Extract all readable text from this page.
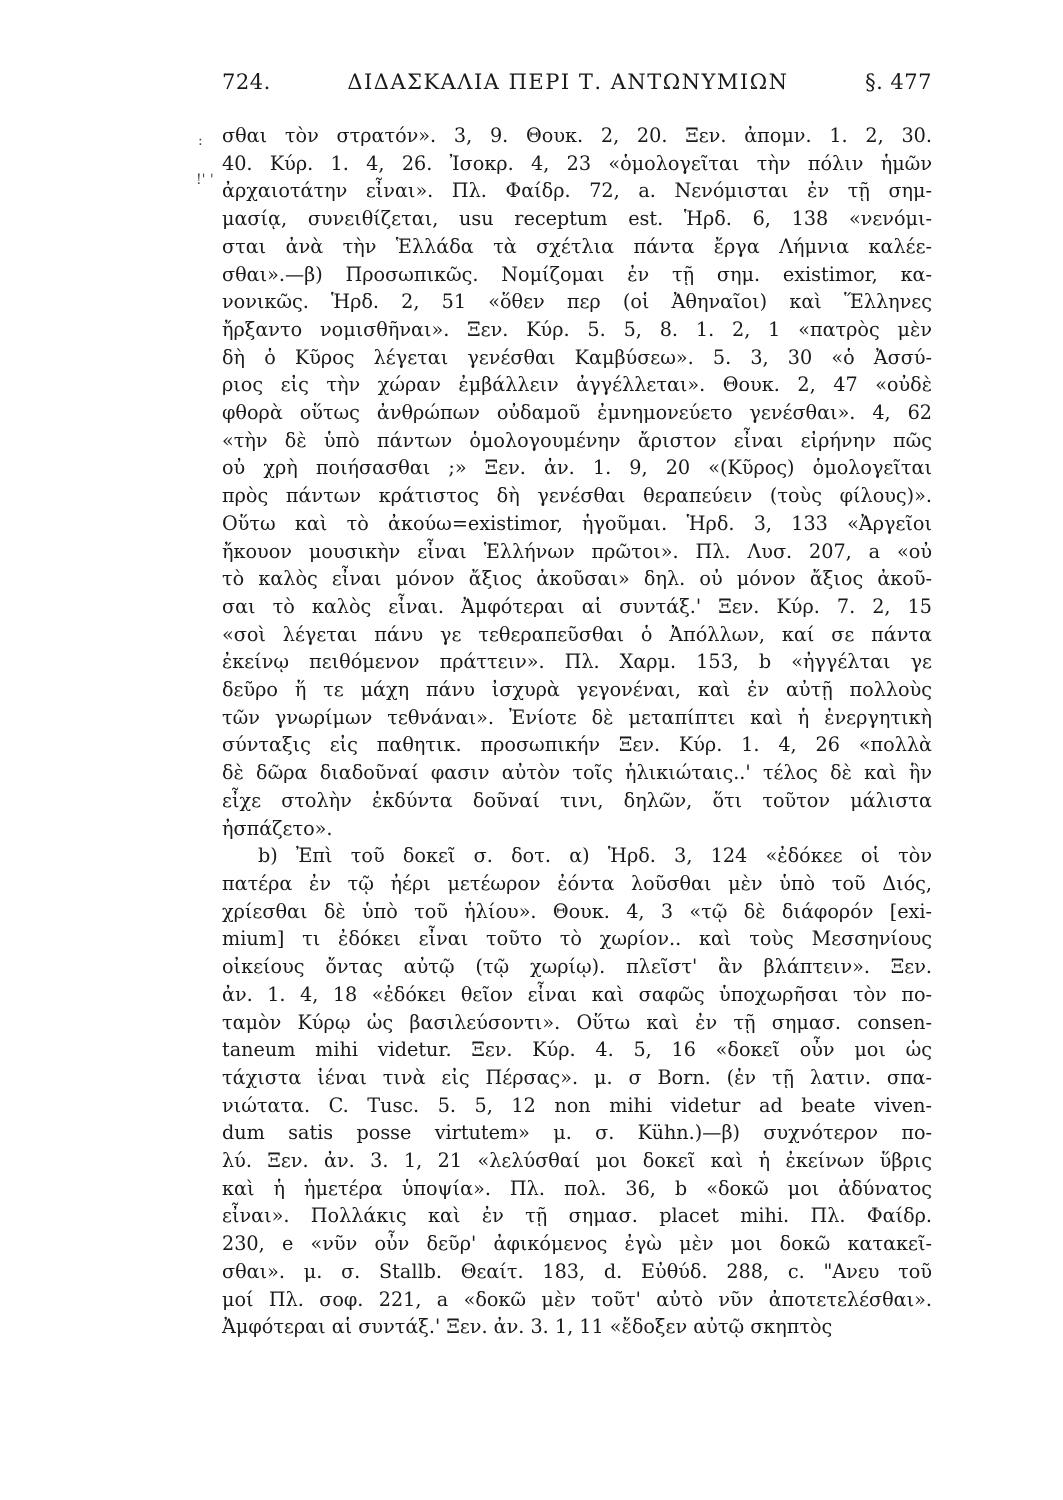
:
!' '
724.	ΔΙΔΑΣΚΑΛΙΑ ΠΕΡΙ Τ. ΑΝΤΩΝΥΜΙΩΝ	§. 477
σθαι τὸν στρατόν». 3, 9. Θουκ. 2, 20. Ξεν. ἀπομν. 1. 2, 30.
40. Κύρ. 1. 4, 26. Ἰσοκρ. 4, 23 «ὁμολογεῖται τὴν πόλιν ἡμῶν
ἀρχαιοτάτην εἶναι». Πλ. Φαίδρ. 72, a. Νενόμισται ἐν τῇ σημ-
μασίᾳ, συνειθίζεται, usu receptum est. Ἡρδ. 6, 138 «νενόμι-
σται ἀνὰ τὴν Ἑλλάδα τὰ σχέτλια πάντα ἔργα Λήμνια καλέε-
σθαι».—β) Προσωπικῶς. Νομίζομαι ἐν τῇ σημ. existimor, κα-
νονικῶς. Ἡρδ. 2, 51 «ὅθεν περ (οἱ Ἀθηναῖοι) καὶ Ἕλληνες
ἤρξαντο νομισθῆναι». Ξεν. Κύρ. 5. 5, 8. 1. 2, 1 «πατρὸς μὲν
δὴ ὁ Κῦρος λέγεται γενέσθαι Καμβύσεω». 5. 3, 30 «ὁ Ἀσσύ-
ριος εἰς τὴν χώραν ἐμβάλλειν ἀγγέλλεται». Θουκ. 2, 47 «οὐδὲ
φθορὰ οὕτως ἀνθρώπων οὐδαμοῦ ἐμνημονεύετο γενέσθαι». 4, 62
«τὴν δὲ ὑπὸ πάντων ὁμολογουμένην ἄριστον εἶναι εἰρήνην πῶς
οὐ χρὴ ποιήσασθαι ;» Ξεν. ἀν. 1. 9, 20 «(Κῦρος) ὁμολογεῖται
πρὸς πάντων κράτιστος δὴ γενέσθαι θεραπεύειν (τοὺς φίλους)».
Οὕτω καὶ τὸ ἀκούω=existimor, ἡγοῦμαι. Ἡρδ. 3, 133 «Ἀργεῖοι
ἤκουον μουσικὴν εἶναι Ἑλλήνων πρῶτοι». Πλ. Λυσ. 207, a «οὐ
τὸ καλὸς εἶναι μόνον ἄξιος ἀκοῦσαι» δηλ. οὐ μόνον ἄξιος ἀκοῦ-
σαι τὸ καλὸς εἶναι. Ἀμφότεραι αἱ συντάξ.' Ξεν. Κύρ. 7. 2, 15
«σοὶ λέγεται πάνυ γε τεθεραπεῦσθαι ὁ Ἀπόλλων, καί σε πάντα
ἐκείνῳ πειθόμενον πράττειν». Πλ. Χαρμ. 153, b «ἠγγέλται γε
δεῦρο ἥ τε μάχη πάνυ ἰσχυρὰ γεγονέναι, καὶ ἐν αὐτῇ πολλοὺς
τῶν γνωρίμων τεθνάναι». Ἐνίοτε δὲ μεταπίπτει καὶ ἡ ἐνεργητικὴ
σύνταξις εἰς παθητικ. προσωπικήν Ξεν. Κύρ. 1. 4, 26 «πολλὰ
δὲ δῶρα διαδοῦναί φασιν αὐτὸν τοῖς ἡλικιώταις..' τέλος δὲ καὶ ἣν
εἶχε στολὴν ἐκδύντα δοῦναί τινι, δηλῶν, ὅτι τοῦτον μάλιστα
ἠσπάζετο».
b) Ἐπὶ τοῦ δοκεῖ σ. δοτ. α) Ἡρδ. 3, 124 «ἐδόκεε οἱ τὸν
πατέρα ἐν τῷ ἠέρι μετέωρον ἐόντα λοῦσθαι μὲν ὑπὸ τοῦ Διός,
χρίεσθαι δὲ ὑπὸ τοῦ ἡλίου». Θουκ. 4, 3 «τῷ δὲ διάφορόν [exi-
mium] τι ἐδόκει εἶναι τοῦτο τὸ χωρίον.. καὶ τοὺς Μεσσηνίους
οἰκείους ὄντας αὐτῷ (τῷ χωρίῳ). πλεῖστ' ἂν βλάπτειν». Ξεν.
ἀν. 1. 4, 18 «ἐδόκει θεῖον εἶναι καὶ σαφῶς ὑποχωρῆσαι τὸν πο-
ταμὸν Κύρῳ ὡς βασιλεύσοντι». Οὕτω καὶ ἐν τῇ σημασ. consen-
taneum mihi videtur. Ξεν. Κύρ. 4. 5, 16 «δοκεῖ οὖν μοι ὡς
τάχιστα ἰέναι τινὰ εἰς Πέρσας». μ. σ Born. (ἐν τῇ λατιν. σπα-
νιώτατα. C. Tusc. 5. 5, 12 non mihi videtur ad beate viven-
dum satis posse virtutem» μ. σ. Kühn.)—β) συχνότερον πο-
λύ. Ξεν. ἀν. 3. 1, 21 «λελύσθαί μοι δοκεῖ καὶ ἡ ἐκείνων ὕβρις
καὶ ἡ ἡμετέρα ὑποψία». Πλ. πολ. 36, b «δοκῶ μοι ἀδύνατος
εἶναι». Πολλάκις καὶ ἐν τῇ σημασ. placet mihi. Πλ. Φαίδρ.
230, e «νῦν οὖν δεῦρ' ἀφικόμενος ἐγὼ μὲν μοι δοκῶ κατακεῖ-
σθαι». μ. σ. Stallb. Θεαίτ. 183, d. Εὐθύδ. 288, c. "Ανευ τοῦ
μοί Πλ. σοφ. 221, a «δοκῶ μὲν τοῦτ' αὐτὸ νῦν ἀποτετελέσθαι».
Ἀμφότεραι αἱ συντάξ.' Ξεν. ἀν. 3. 1, 11 «ἔδοξεν αὐτῷ σκηπτὸς
